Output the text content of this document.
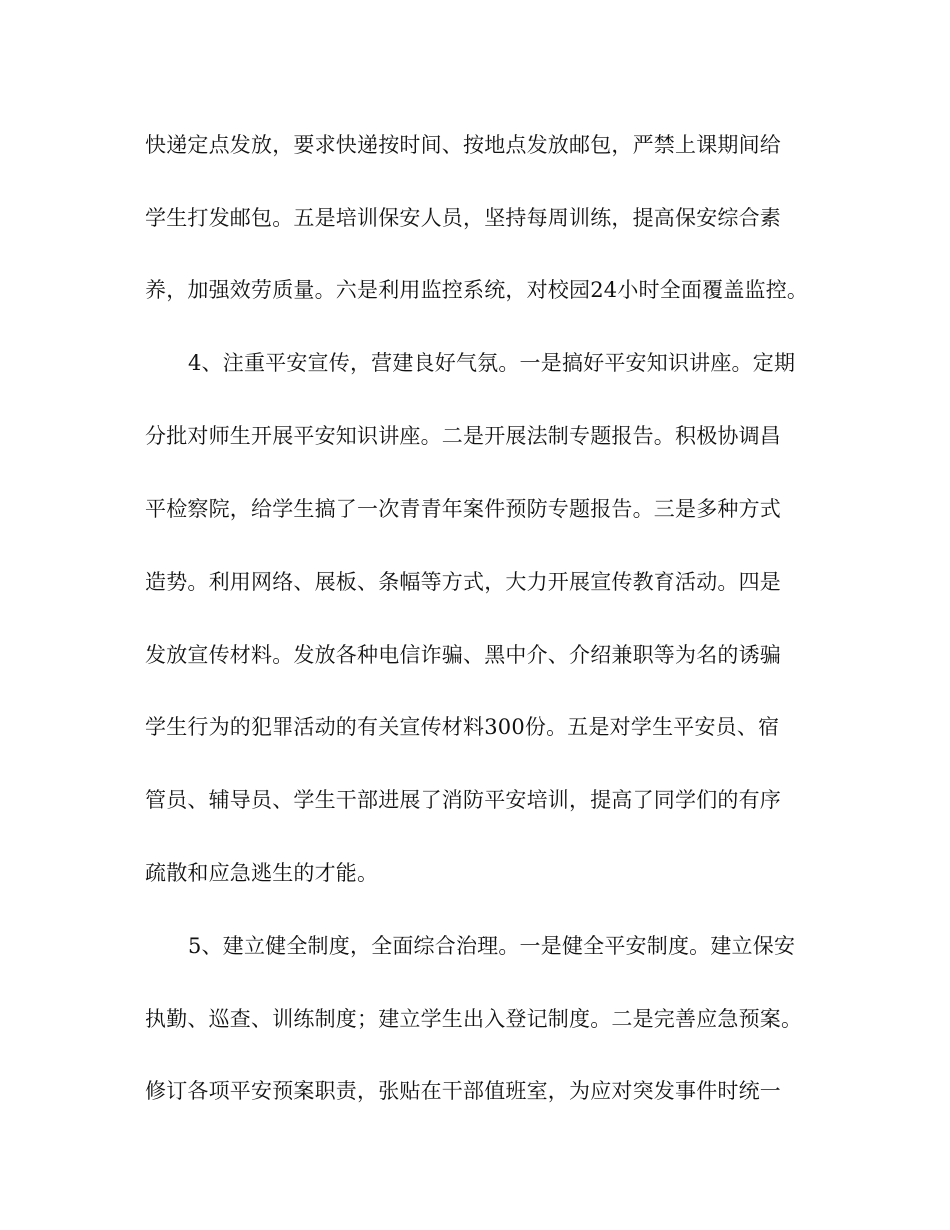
快递定点发放，要求快递按时间、按地点发放邮包，严禁上课期间给
学生打发邮包。五是培训保安人员，坚持每周训练，提高保安综合素
养，加强效劳质量。六是利用监控系统，对校园24小时全面覆盖监控。
4、注重平安宣传，营建良好气氛。一是搞好平安知识讲座。定期
分批对师生开展平安知识讲座。二是开展法制专题报告。积极协调昌
平检察院，给学生搞了一次青青年案件预防专题报告。三是多种方式
造势。利用网络、展板、条幅等方式，大力开展宣传教育活动。四是
发放宣传材料。发放各种电信诈骗、黑中介、介绍兼职等为名的诱骗
学生行为的犯罪活动的有关宣传材料300份。五是对学生平安员、宿
管员、辅导员、学生干部进展了消防平安培训，提高了同学们的有序
疏散和应急逃生的才能。
5、建立健全制度，全面综合治理。一是健全平安制度。建立保安
执勤、巡查、训练制度；建立学生出入登记制度。二是完善应急预案。
修订各项平安预案职责，张贴在干部值班室，为应对突发事件时统一
